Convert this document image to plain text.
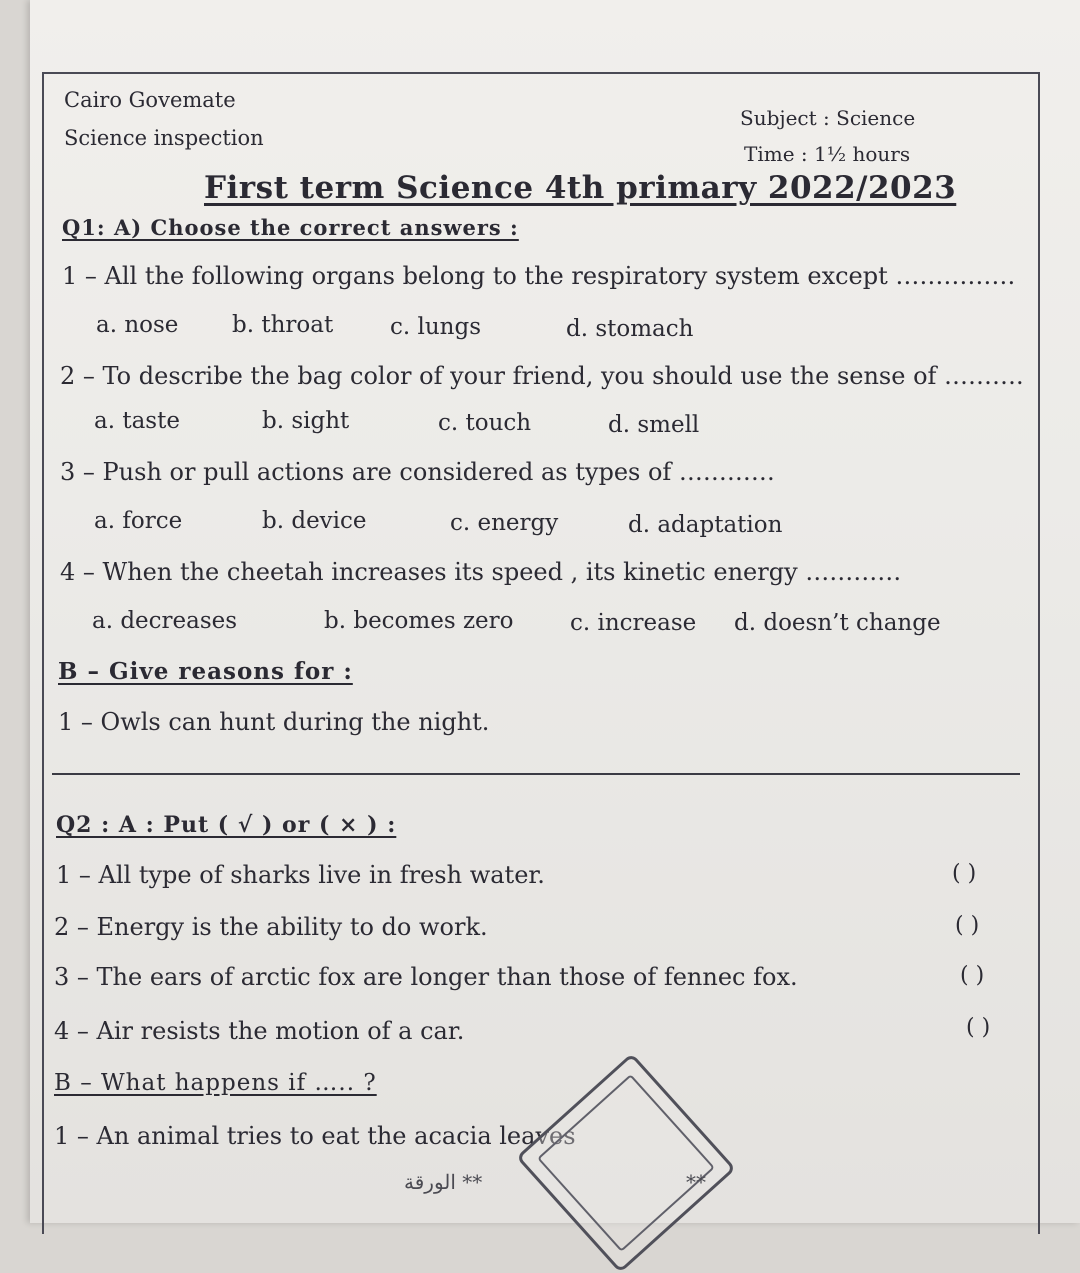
Cairo Govemate
Science inspection
Subject : Science
Time : 1½ hours
First term Science 4th primary 2022/2023
Q1: A) Choose the correct answers :
1 – All the following organs belong to the respiratory system except ……………
a. nose b. throat c. lungs	d. stomach
2 – To describe the bag color of your friend, you should use the sense of ……….
a. taste	b. sight	c. touch	d. smell
3 – Push or pull actions are considered as types of …………
a. force	b. device	c. energy	d. adaptation
4 – When the cheetah increases its speed , its kinetic energy …………
a. decreases	b. becomes zero c. increase d. doesn’t change
B – Give reasons for :
1 – Owls can hunt during the night.
Q2 : A : Put ( √ ) or ( × ) :
1 – All type of sharks live in fresh water.	( )
2 – Energy is the ability to do work.	( )
3 – The ears of arctic fox are longer than those of fennec fox.	( )
4 – Air resists the motion of a car.	( )
B – What happens if ….. ?
1 – An animal tries to eat the acacia leaves
** الورقة	**
